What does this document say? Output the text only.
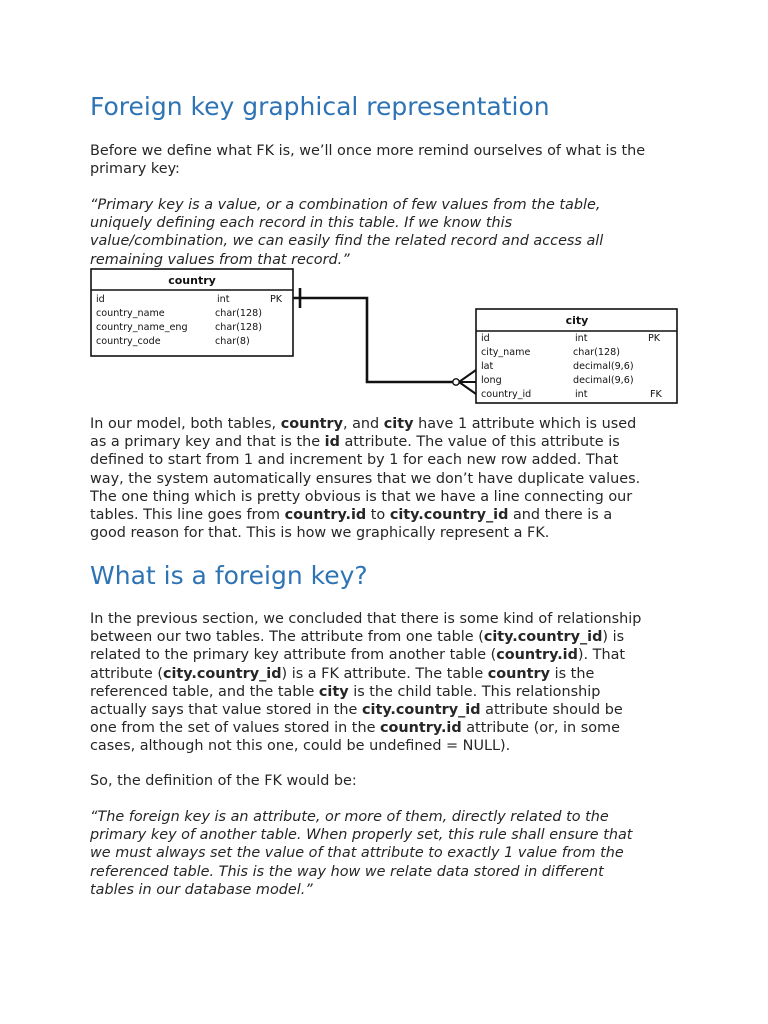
Foreign key graphical representation

Before we define what FK is, we’ll once more remind ourselves of what is the
primary key:

“Primary key is a value, or a combination of few values from the table,
uniquely defining each record in this table. If we know this
value/combination, we can easily find the related record and access all
remaining values from that record.”

country
id	int	PK
country_name	char(128)
country_name_eng	char(128)
country_code	char(8)
city
id	int	PK
city_name	char(128)
lat	decimal(9,6)
long	decimal(9,6)
country_id	int	FK

In our model, both tables, country, and city have 1 attribute which is used
as a primary key and that is the id attribute. The value of this attribute is
defined to start from 1 and increment by 1 for each new row added. That
way, the system automatically ensures that we don’t have duplicate values.
The one thing which is pretty obvious is that we have a line connecting our
tables. This line goes from country.id to city.country_id and there is a
good reason for that. This is how we graphically represent a FK.

What is a foreign key?

In the previous section, we concluded that there is some kind of relationship
between our two tables. The attribute from one table (city.country_id) is
related to the primary key attribute from another table (country.id). That
attribute (city.country_id) is a FK attribute. The table country is the
referenced table, and the table city is the child table. This relationship
actually says that value stored in the city.country_id attribute should be
one from the set of values stored in the country.id attribute (or, in some
cases, although not this one, could be undefined = NULL).

So, the definition of the FK would be:

“The foreign key is an attribute, or more of them, directly related to the
primary key of another table. When properly set, this rule shall ensure that
we must always set the value of that attribute to exactly 1 value from the
referenced table. This is the way how we relate data stored in different
tables in our database model.”
